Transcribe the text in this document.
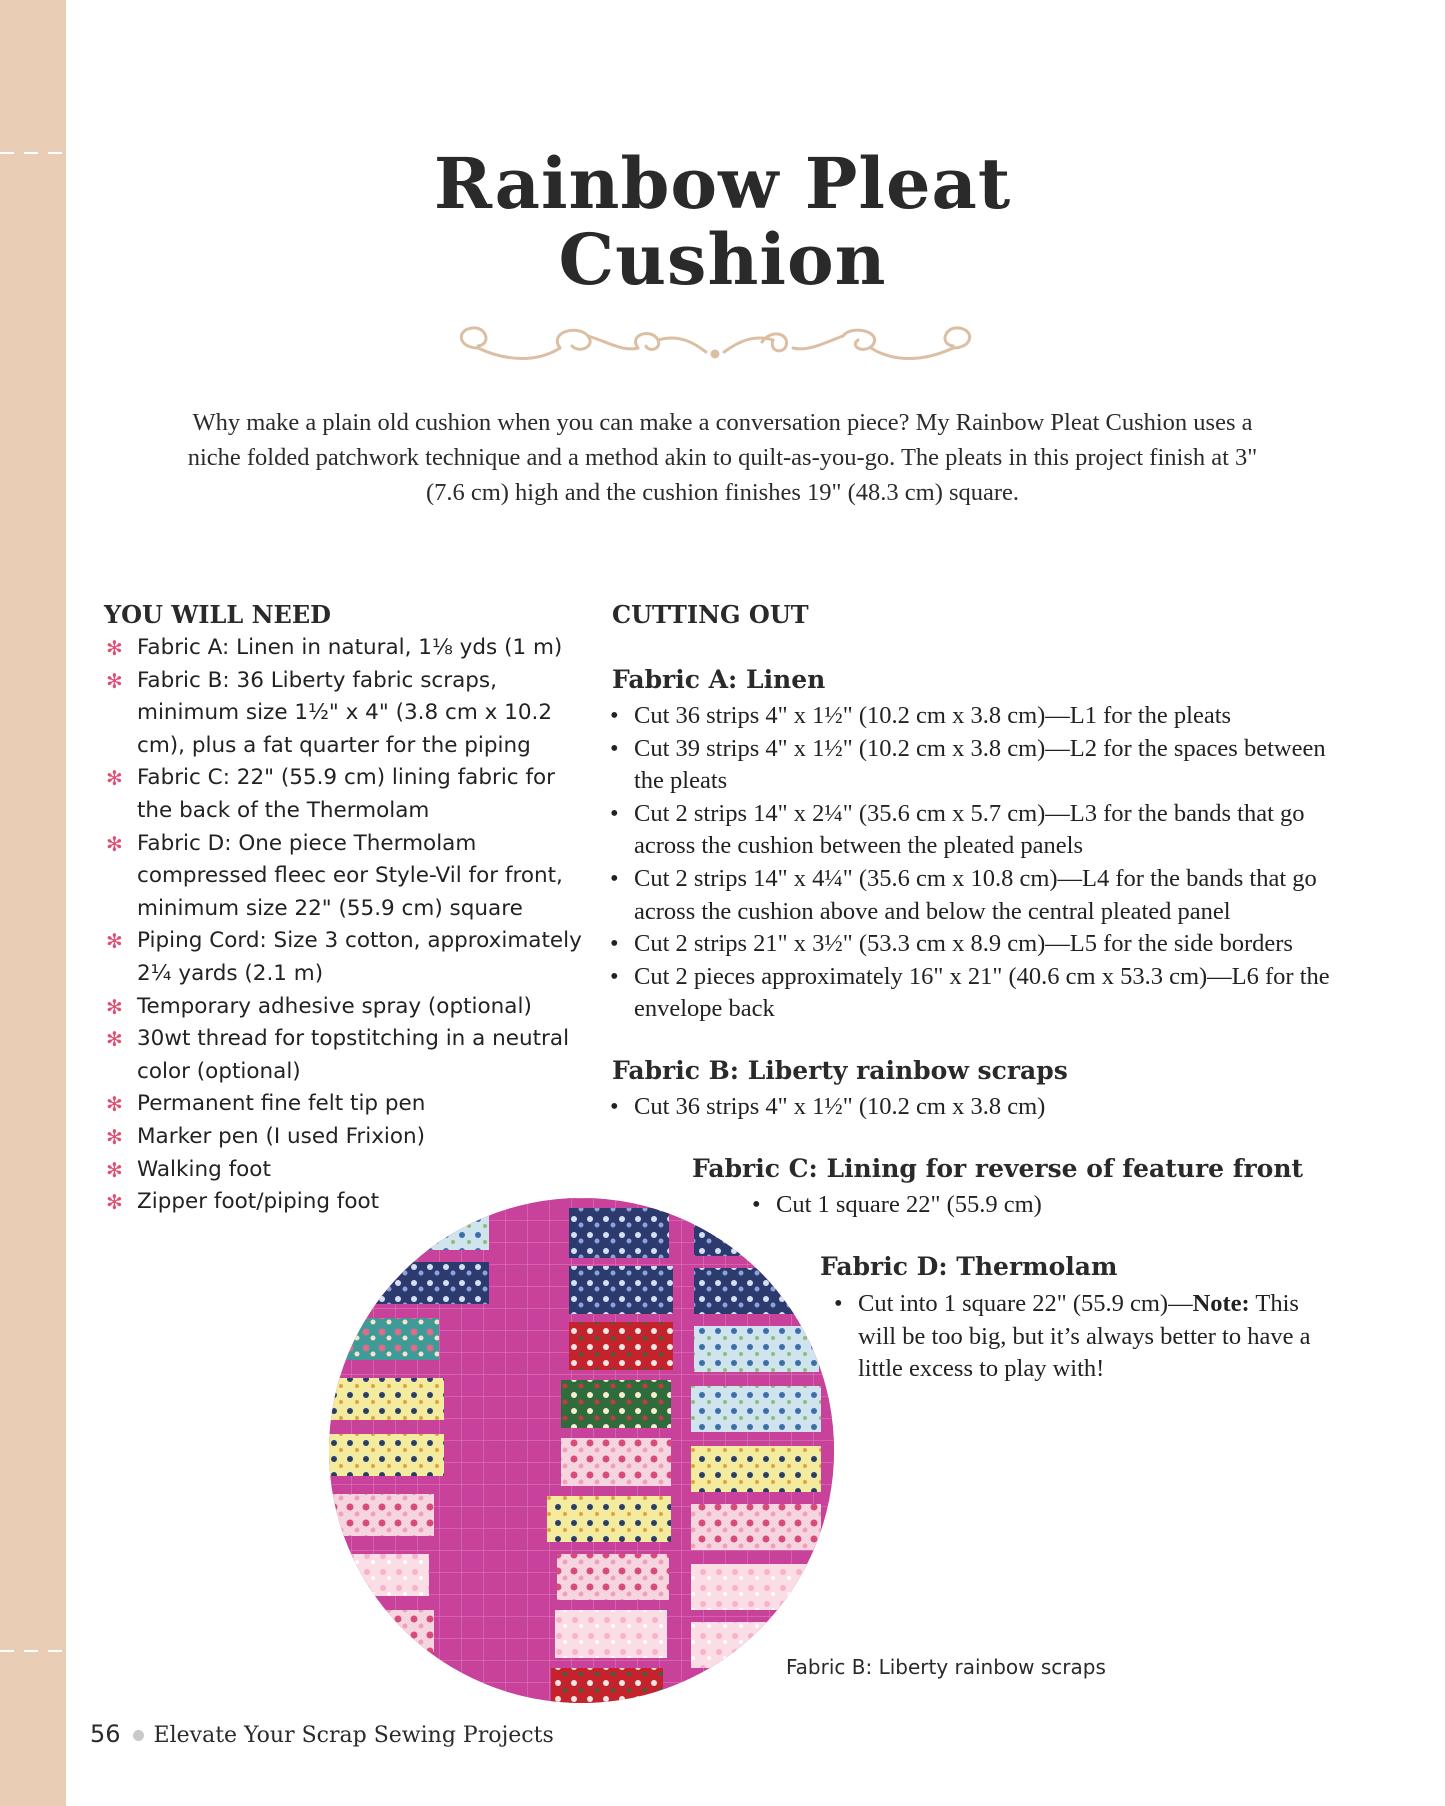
Rainbow Pleat
Cushion
Why make a plain old cushion when you can make a conversation piece? My Rainbow Pleat Cushion uses a niche folded patchwork technique and a method akin to quilt-as-you-go. The pleats in this project finish at 3" (7.6 cm) high and the cushion finishes 19" (48.3 cm) square.
YOU WILL NEED	CUTTING OUT
✻ Fabric A: Linen in natural, 1⅛ yds (1 m)
✻ Fabric B: 36 Liberty fabric scraps, minimum size 1½" x 4" (3.8 cm x 10.2 cm), plus a fat quarter for the piping
✻ Fabric C: 22" (55.9 cm) lining fabric for the back of the Thermolam
✻ Fabric D: One piece Thermolam compressed fleec eor Style-Vil for front, minimum size 22" (55.9 cm) square
✻ Piping Cord: Size 3 cotton, approximately 2¼ yards (2.1 m)
✻ Temporary adhesive spray (optional)
✻ 30wt thread for topstitching in a neutral color (optional)
✻ Permanent fine felt tip pen
✻ Marker pen (I used Frixion)
✻ Walking foot
✻ Zipper foot/piping foot
Fabric A: Linen
• Cut 36 strips 4" x 1½" (10.2 cm x 3.8 cm)—L1 for the pleats
• Cut 39 strips 4" x 1½" (10.2 cm x 3.8 cm)—L2 for the spaces between the pleats
• Cut 2 strips 14" x 2¼" (35.6 cm x 5.7 cm)—L3 for the bands that go across the cushion between the pleated panels
• Cut 2 strips 14" x 4¼" (35.6 cm x 10.8 cm)—L4 for the bands that go across the cushion above and below the central pleated panel
• Cut 2 strips 21" x 3½" (53.3 cm x 8.9 cm)—L5 for the side borders
• Cut 2 pieces approximately 16" x 21" (40.6 cm x 53.3 cm)—L6 for the envelope back
Fabric B: Liberty rainbow scraps
• Cut 36 strips 4" x 1½" (10.2 cm x 3.8 cm)
Fabric C: Lining for reverse of feature front
• Cut 1 square 22" (55.9 cm)
Fabric D: Thermolam
• Cut into 1 square 22" (55.9 cm)—Note: This will be too big, but it’s always better to have a little excess to play with!
Fabric B: Liberty rainbow scraps
56 Elevate Your Scrap Sewing Projects
